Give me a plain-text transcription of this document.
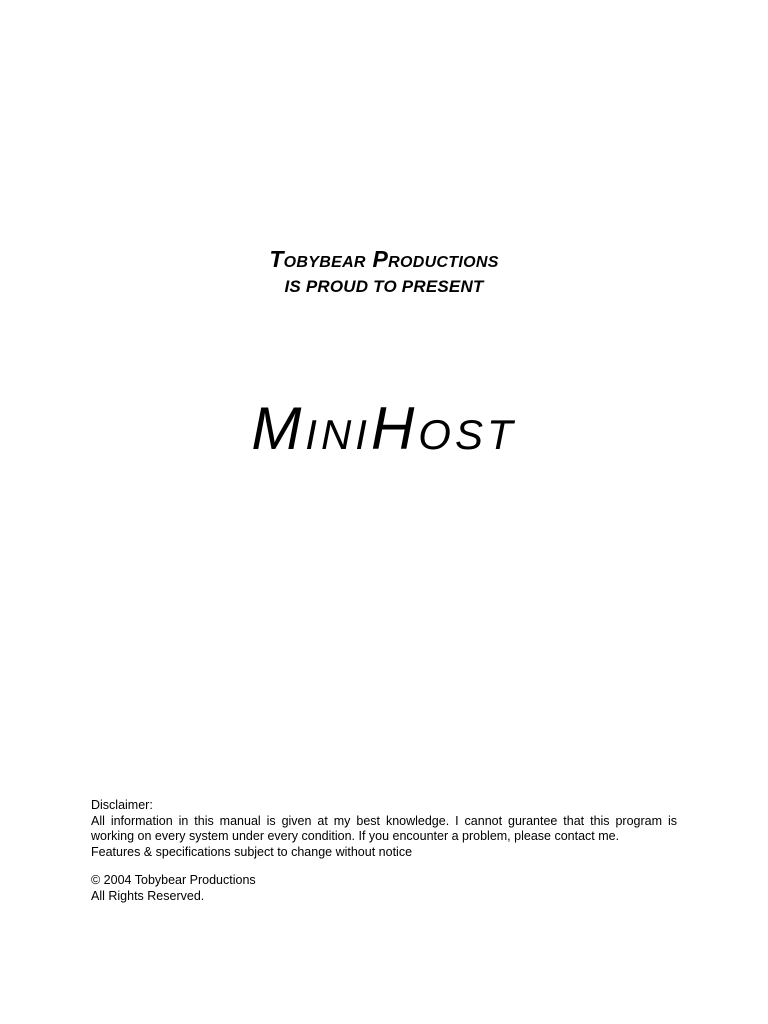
Tobybear Productions
IS PROUD TO PRESENT
MiniHost
Disclaimer:
All information in this manual is given at my best knowledge. I cannot gurantee that this program is working on every system under every condition. If you encounter a problem, please contact me.
Features & specifications subject to change without notice
© 2004 Tobybear Productions
All Rights Reserved.
